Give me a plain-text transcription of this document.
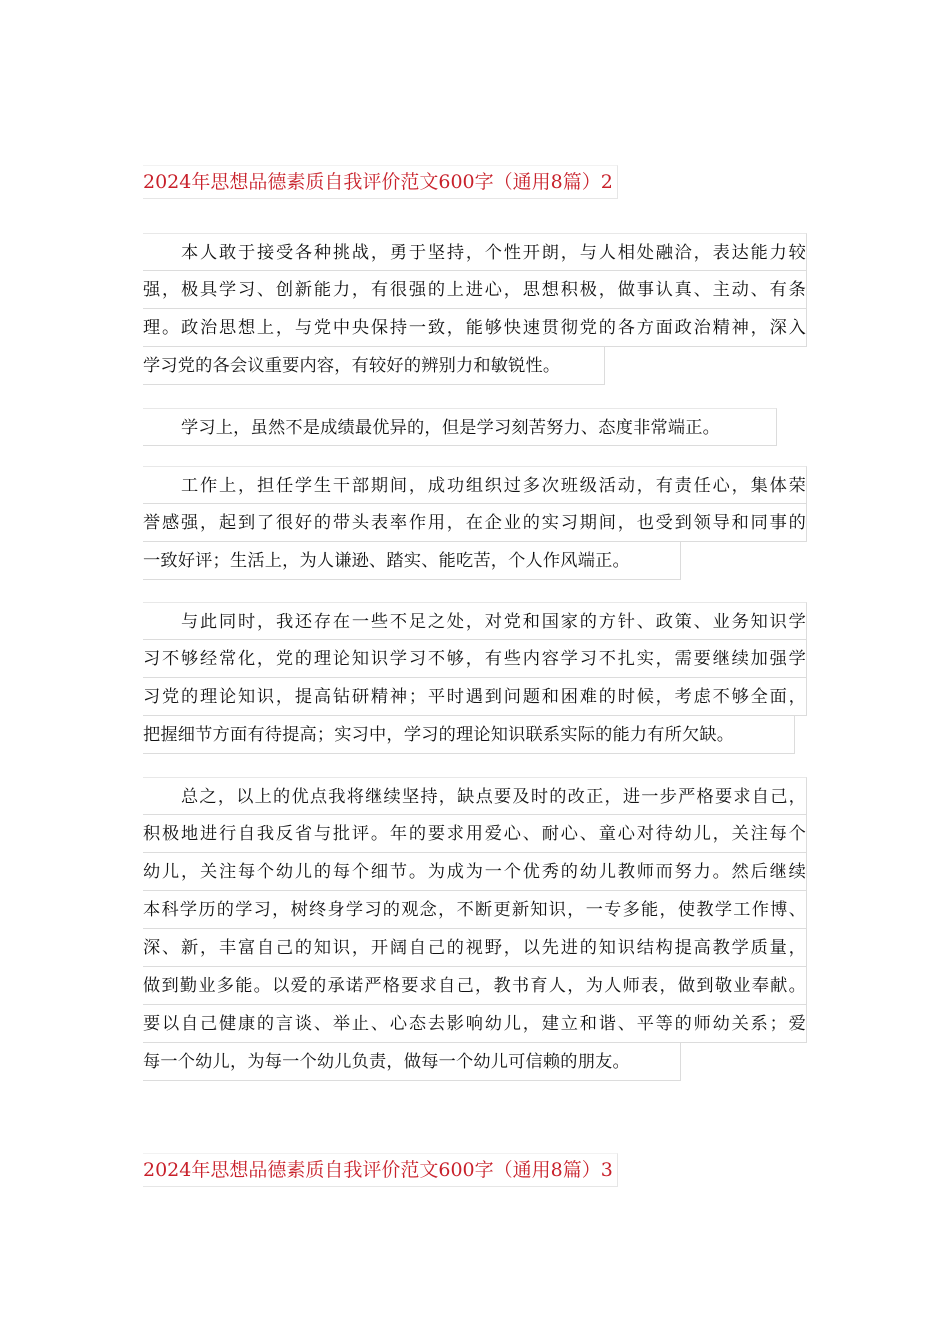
2024年思想品德素质自我评价范文600字（通用8篇）2
本人敢于接受各种挑战，勇于坚持，个性开朗，与人相处融洽，表达能力较
强，极具学习、创新能力，有很强的上进心，思想积极，做事认真、主动、有条
理。政治思想上，与党中央保持一致，能够快速贯彻党的各方面政治精神，深入
学习党的各会议重要内容，有较好的辨别力和敏锐性。
学习上，虽然不是成绩最优异的，但是学习刻苦努力、态度非常端正。
工作上，担任学生干部期间，成功组织过多次班级活动，有责任心，集体荣
誉感强，起到了很好的带头表率作用，在企业的实习期间，也受到领导和同事的
一致好评；生活上，为人谦逊、踏实、能吃苦，个人作风端正。
与此同时，我还存在一些不足之处，对党和国家的方针、政策、业务知识学
习不够经常化，党的理论知识学习不够，有些内容学习不扎实，需要继续加强学
习党的理论知识，提高钻研精神；平时遇到问题和困难的时候，考虑不够全面，
把握细节方面有待提高；实习中，学习的理论知识联系实际的能力有所欠缺。
总之，以上的优点我将继续坚持，缺点要及时的改正，进一步严格要求自己，
积极地进行自我反省与批评。年的要求用爱心、耐心、童心对待幼儿，关注每个
幼儿，关注每个幼儿的每个细节。为成为一个优秀的幼儿教师而努力。然后继续
本科学历的学习，树终身学习的观念，不断更新知识，一专多能，使教学工作博、
深、新，丰富自己的知识，开阔自己的视野，以先进的知识结构提高教学质量，
做到勤业多能。以爱的承诺严格要求自己，教书育人，为人师表，做到敬业奉献。
要以自己健康的言谈、举止、心态去影响幼儿，建立和谐、平等的师幼关系；爱
每一个幼儿，为每一个幼儿负责，做每一个幼儿可信赖的朋友。
2024年思想品德素质自我评价范文600字（通用8篇）3
